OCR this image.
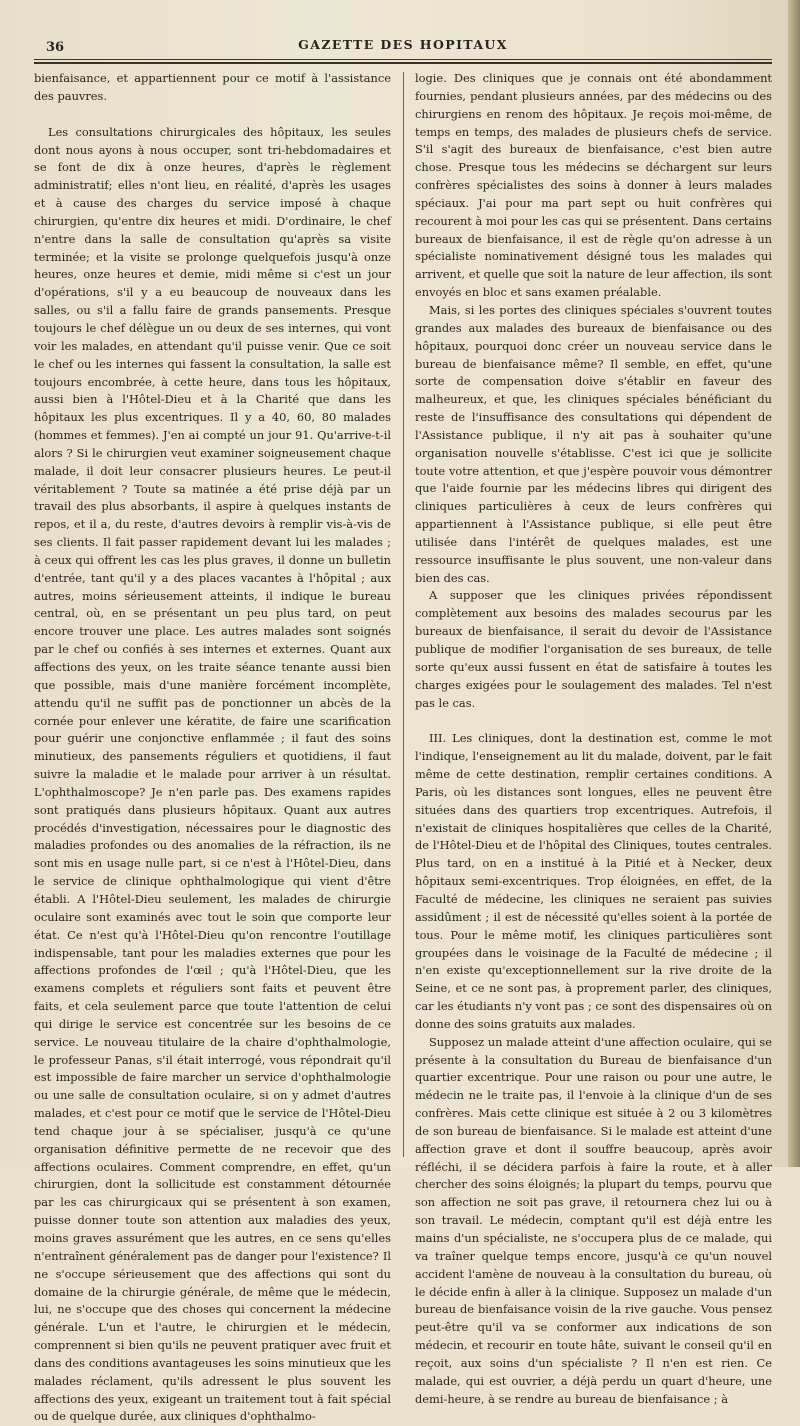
36	GAZETTE DES HOPITAUX

bienfaisance, et appartiennent pour ce motif à l'assistance des pauvres.

Les consultations chirurgicales des hôpitaux, les seules dont nous ayons à nous occuper, sont tri-hebdomadaires et se font de dix à onze heures, d'après le règlement administratif; elles n'ont lieu, en réalité, d'après les usages et à cause des charges du service imposé à chaque chirurgien, qu'entre dix heures et midi. D'ordinaire, le chef n'entre dans la salle de consultation qu'après sa visite terminée; et la visite se prolonge quelquefois jusqu'à onze heures, onze heures et demie, midi même si c'est un jour d'opérations, s'il y a eu beaucoup de nouveaux dans les salles, ou s'il a fallu faire de grands pansements. Presque toujours le chef délègue un ou deux de ses internes, qui vont voir les malades, en attendant qu'il puisse venir. Que ce soit le chef ou les internes qui fassent la consultation, la salle est toujours encombrée, à cette heure, dans tous les hôpitaux, aussi bien à l'Hôtel-Dieu et à la Charité que dans les hôpitaux les plus excentriques. Il y a 40, 60, 80 malades (hommes et femmes). J'en ai compté un jour 91. Qu'arrive-t-il alors ? Si le chirurgien veut examiner soigneusement chaque malade, il doit leur consacrer plusieurs heures. Le peut-il véritablement ? Toute sa matinée a été prise déjà par un travail des plus absorbants, il aspire à quelques instants de repos, et il a, du reste, d'autres devoirs à remplir vis-à-vis de ses clients. Il fait passer rapidement devant lui les malades ; à ceux qui offrent les cas les plus graves, il donne un bulletin d'entrée, tant qu'il y a des places vacantes à l'hôpital ; aux autres, moins sérieusement atteints, il indique le bureau central, où, en se présentant un peu plus tard, on peut encore trouver une place. Les autres malades sont soignés par le chef ou confiés à ses internes et externes. Quant aux affections des yeux, on les traite séance tenante aussi bien que possible, mais d'une manière forcément incomplète, attendu qu'il ne suffit pas de ponctionner un abcès de la cornée pour enlever une kératite, de faire une scarification pour guérir une conjonctive enflammée ; il faut des soins minutieux, des pansements réguliers et quotidiens, il faut suivre la maladie et le malade pour arriver à un résultat. L'ophthalmoscope? Je n'en parle pas. Des examens rapides sont pratiqués dans plusieurs hôpitaux. Quant aux autres procédés d'investigation, nécessaires pour le diagnostic des maladies profondes ou des anomalies de la réfraction, ils ne sont mis en usage nulle part, si ce n'est à l'Hôtel-Dieu, dans le service de clinique ophthalmologique qui vient d'être établi. A l'Hôtel-Dieu seulement, les malades de chirurgie oculaire sont examinés avec tout le soin que comporte leur état. Ce n'est qu'à l'Hôtel-Dieu qu'on rencontre l'outillage indispensable, tant pour les maladies externes que pour les affections profondes de l'œil ; qu'à l'Hôtel-Dieu, que les examens complets et réguliers sont faits et peuvent être faits, et cela seulement parce que toute l'attention de celui qui dirige le service est concentrée sur les besoins de ce service. Le nouveau titulaire de la chaire d'ophthalmologie, le professeur Panas, s'il était interrogé, vous répondrait qu'il est impossible de faire marcher un service d'ophthalmologie ou une salle de consultation oculaire, si on y admet d'autres malades, et c'est pour ce motif que le service de l'Hôtel-Dieu tend chaque jour à se spécialiser, jusqu'à ce qu'une organisation définitive permette de ne recevoir que des affections oculaires. Comment comprendre, en effet, qu'un chirurgien, dont la sollicitude est constamment détournée par les cas chirurgicaux qui se présentent à son examen, puisse donner toute son attention aux maladies des yeux, moins graves assurément que les autres, en ce sens qu'elles n'entraînent généralement pas de danger pour l'existence? Il ne s'occupe sérieusement que des affections qui sont du domaine de la chirurgie générale, de même que le médecin, lui, ne s'occupe que des choses qui concernent la médecine générale. L'un et l'autre, le chirurgien et le médecin, comprennent si bien qu'ils ne peuvent pratiquer avec fruit et dans des conditions avantageuses les soins minutieux que les malades réclament, qu'ils adressent le plus souvent les affections des yeux, exigeant un traitement tout à fait spécial ou de quelque durée, aux cliniques d'ophthalmo-

logie. Des cliniques que je connais ont été abondamment fournies, pendant plusieurs années, par des médecins ou des chirurgiens en renom des hôpitaux. Je reçois moi-même, de temps en temps, des malades de plusieurs chefs de service. S'il s'agit des bureaux de bienfaisance, c'est bien autre chose. Presque tous les médecins se déchargent sur leurs confrères spécialistes des soins à donner à leurs malades spéciaux. J'ai pour ma part sept ou huit confrères qui recourent à moi pour les cas qui se présentent. Dans certains bureaux de bienfaisance, il est de règle qu'on adresse à un spécialiste nominativement désigné tous les malades qui arrivent, et quelle que soit la nature de leur affection, ils sont envoyés en bloc et sans examen préalable.

Mais, si les portes des cliniques spéciales s'ouvrent toutes grandes aux malades des bureaux de bienfaisance ou des hôpitaux, pourquoi donc créer un nouveau service dans le bureau de bienfaisance même? Il semble, en effet, qu'une sorte de compensation doive s'établir en faveur des malheureux, et que, les cliniques spéciales bénéficiant du reste de l'insuffisance des consultations qui dépendent de l'Assistance publique, il n'y ait pas à souhaiter qu'une organisation nouvelle s'établisse. C'est ici que je sollicite toute votre attention, et que j'espère pouvoir vous démontrer que l'aide fournie par les médecins libres qui dirigent des cliniques particulières à ceux de leurs confrères qui appartiennent à l'Assistance publique, si elle peut être utilisée dans l'intérêt de quelques malades, est une ressource insuffisante le plus souvent, une non-valeur dans bien des cas.

A supposer que les cliniques privées répondissent complètement aux besoins des malades secourus par les bureaux de bienfaisance, il serait du devoir de l'Assistance publique de modifier l'organisation de ses bureaux, de telle sorte qu'eux aussi fussent en état de satisfaire à toutes les charges exigées pour le soulagement des malades. Tel n'est pas le cas.

III. Les cliniques, dont la destination est, comme le mot l'indique, l'enseignement au lit du malade, doivent, par le fait même de cette destination, remplir certaines conditions. A Paris, où les distances sont longues, elles ne peuvent être situées dans des quartiers trop excentriques. Autrefois, il n'existait de cliniques hospitalières que celles de la Charité, de l'Hôtel-Dieu et de l'hôpital des Cliniques, toutes centrales. Plus tard, on en a institué à la Pitié et à Necker, deux hôpitaux semi-excentriques. Trop éloignées, en effet, de la Faculté de médecine, les cliniques ne seraient pas suivies assidûment ; il est de nécessité qu'elles soient à la portée de tous. Pour le même motif, les cliniques particulières sont groupées dans le voisinage de la Faculté de médecine ; il n'en existe qu'exceptionnellement sur la rive droite de la Seine, et ce ne sont pas, à proprement parler, des cliniques, car les étudiants n'y vont pas ; ce sont des dispensaires où on donne des soins gratuits aux malades.

Supposez un malade atteint d'une affection oculaire, qui se présente à la consultation du Bureau de bienfaisance d'un quartier excentrique. Pour une raison ou pour une autre, le médecin ne le traite pas, il l'envoie à la clinique d'un de ses confrères. Mais cette clinique est située à 2 ou 3 kilomètres de son bureau de bienfaisance. Si le malade est atteint d'une affection grave et dont il souffre beaucoup, après avoir réfléchi, il se décidera parfois à faire la route, et à aller chercher des soins éloignés; la plupart du temps, pourvu que son affection ne soit pas grave, il retournera chez lui ou à son travail. Le médecin, comptant qu'il est déjà entre les mains d'un spécialiste, ne s'occupera plus de ce malade, qui va traîner quelque temps encore, jusqu'à ce qu'un nouvel accident l'amène de nouveau à la consultation du bureau, où le décide enfin à aller à la clinique. Supposez un malade d'un bureau de bienfaisance voisin de la rive gauche. Vous pensez peut-être qu'il va se conformer aux indications de son médecin, et recourir en toute hâte, suivant le conseil qu'il en reçoit, aux soins d'un spécialiste ? Il n'en est rien. Ce malade, qui est ouvrier, a déjà perdu un quart d'heure, une demi-heure, à se rendre au bureau de bienfaisance ; à
